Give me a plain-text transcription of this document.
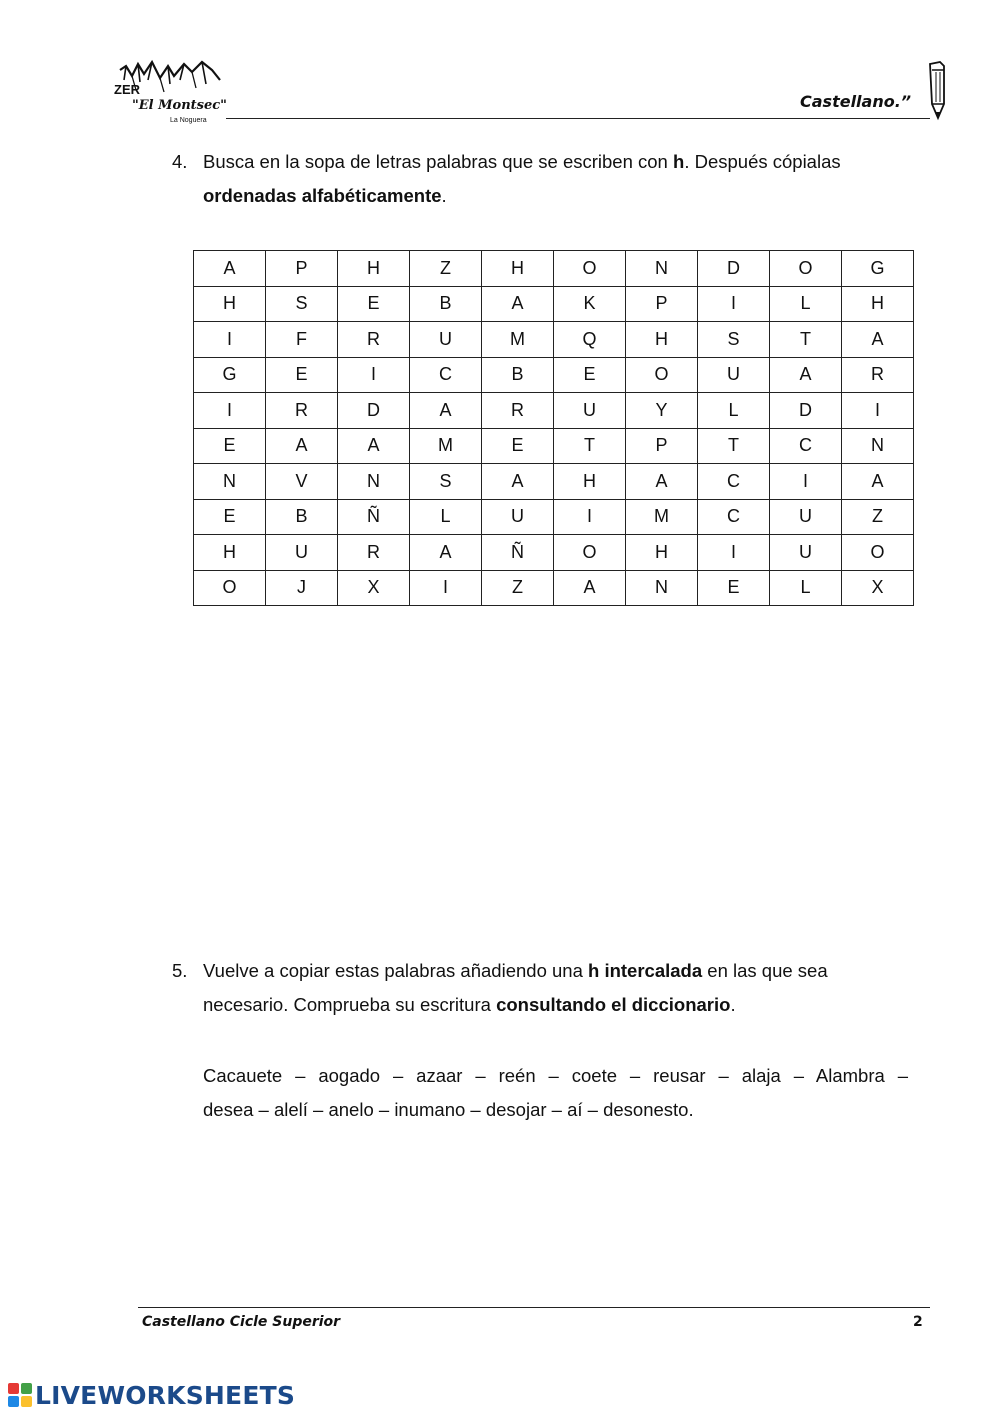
ZER
"El Montsec"
La Noguera
Castellano.”
4. Busca en la sopa de letras palabras que se escriben con h. Después cópialas
ordenadas alfabéticamente.
A	P	H	Z	H	O	N	D	O	G
H	S	E	B	A	K	P	I	L	H
I	F	R	U	M	Q	H	S	T	A
G	E	I	C	B	E	O	U	A	R
I	R	D	A	R	U	Y	L	D	I
E	A	A	M	E	T	P	T	C	N
N	V	N	S	A	H	A	C	I	A
E	B	Ñ	L	U	I	M	C	U	Z
H	U	R	A	Ñ	O	H	I	U	O
O	J	X	I	Z	A	N	E	L	X
5. Vuelve a copiar estas palabras añadiendo una h intercalada en las que sea
necesario. Comprueba su escritura consultando el diccionario.
Cacauete – aogado – azaar – reén – coete – reusar – alaja – Alambra –
desea – alelí – anelo – inumano – desojar – aí – desonesto.
Castellano Cicle Superior	2
LIVEWORKSHEETS
